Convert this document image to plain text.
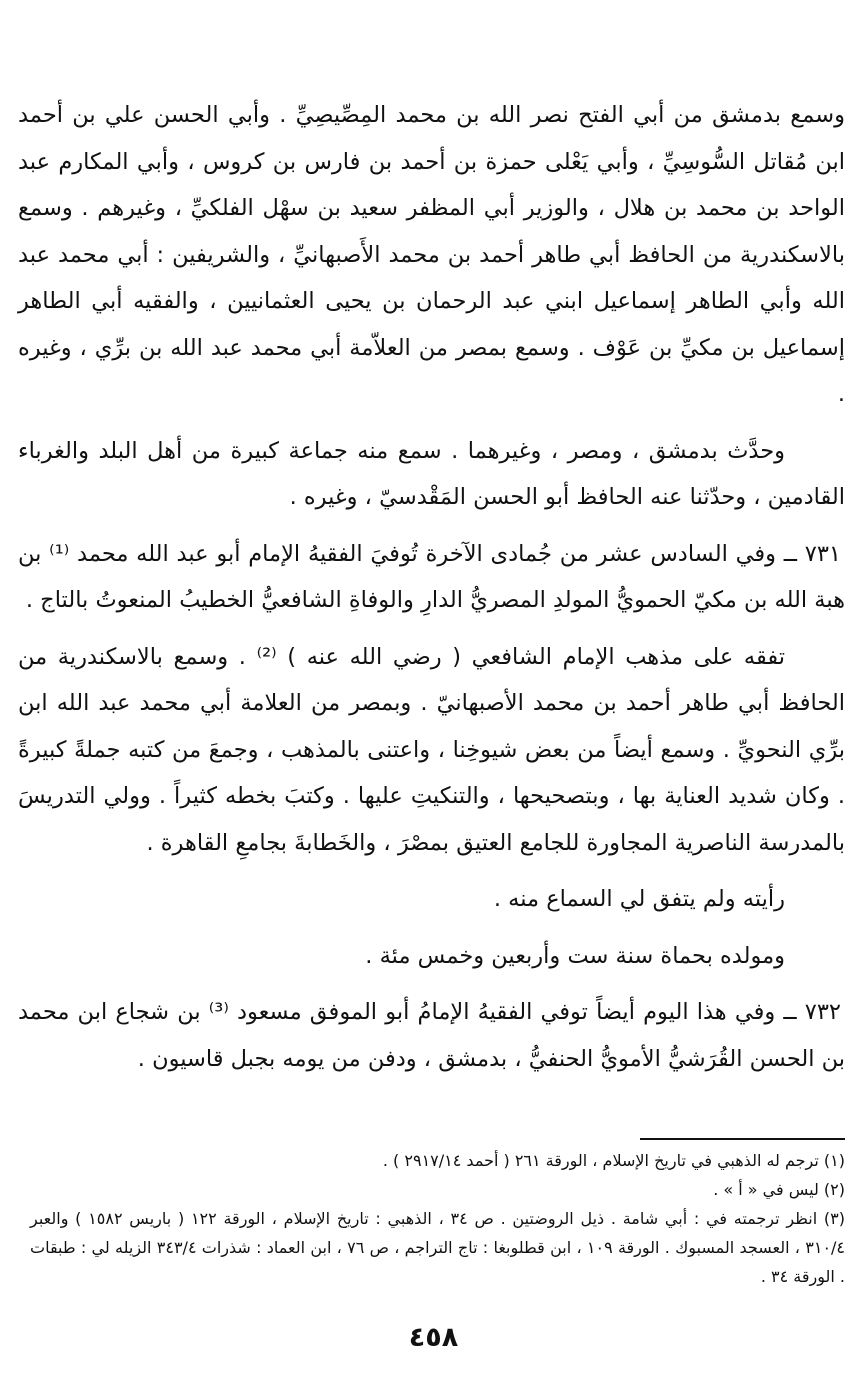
وسمع بدمشق من أبي الفتح نصر الله بن محمد المِصِّيصِيِّ . وأبي الحسن علي بن أحمد ابن مُقاتل السُّوسِيِّ ، وأبي يَعْلى حمزة بن أحمد بن فارس بن كروس ، وأبي المكارم عبد الواحد بن محمد بن هلال ، والوزير أبي المظفر سعيد بن سهْل الفلكيِّ ، وغيرهم . وسمع بالاسكندرية من الحافظ أبي طاهر أحمد بن محمد الأَصبهانيِّ ، والشريفين : أبي محمد عبد الله وأبي الطاهر إسماعيل ابني عبد الرحمان بن يحيى العثمانيين ، والفقيه أبي الطاهر إسماعيل بن مكيِّ بن عَوْف . وسمع بمصر من العلاّمة أبي محمد عبد الله بن برِّي ، وغيره .

وحدَّث بدمشق ، ومصر ، وغيرهما . سمع منه جماعة كبيرة من أهل البلد والغرباء القادمين ، وحدّثنا عنه الحافظ أبو الحسن المَقْدسيّ ، وغيره .

٧٣١ ــ وفي السادس عشر من جُمادى الآخرة تُوفيَ الفقيهُ الإمام أبو عبد الله محمد ⁽¹⁾ بن هبة الله بن مكيّ الحمويُّ المولدِ المصريُّ الدارِ والوفاةِ الشافعيُّ الخطيبُ المنعوتُ بالتاج .

تفقه على مذهب الإمام الشافعي ( رضي الله عنه ) ⁽²⁾ . وسمع بالاسكندرية من الحافظ أبي طاهر أحمد بن محمد الأصبهانيّ . وبمصر من العلامة أبي محمد عبد الله ابن برِّي النحويِّ . وسمع أيضاً من بعض شيوخِنا ، واعتنى بالمذهب ، وجمعَ من كتبه جملةً كبيرةً . وكان شديد العناية بها ، وبتصحيحها ، والتنكيتِ عليها . وكتبَ بخطه كثيراً . وولي التدريسَ بالمدرسة الناصرية المجاورة للجامع العتيق بمصْرَ ، والخَطابةَ بجامعِ القاهرة .

رأيته ولم يتفق لي السماع منه .

ومولده بحماة سنة ست وأربعين وخمس مئة .

٧٣٢ ــ وفي هذا اليوم أيضاً توفي الفقيهُ الإمامُ أبو الموفق مسعود ⁽³⁾ بن شجاع ابن محمد بن الحسن القُرَشيُّ الأمويُّ الحنفيُّ ، بدمشق ، ودفن من يومه بجبل قاسيون .

(١) ترجم له الذهبي في تاريخ الإسلام ، الورقة ٢٦١ ( أحمد ٢٩١٧/١٤ ) .

(٢) ليس في « أ » .

(٣) انظر ترجمته في : أبي شامة . ذيل الروضتين . ص ٣٤ ، الذهبي : تاريخ الإسلام ، الورقة ١٢٢ ( باريس ١٥٨٢ ) والعبر ٣١٠/٤ ، العسجد المسبوك . الورقة ١٠٩ ، ابن قطلوبغا : تاج التراجم ، ص ٧٦ ، ابن العماد : شذرات ٣٤٣/٤ الزيله لي : طبقات . الورقة ٣٤ .

٤٥٨
